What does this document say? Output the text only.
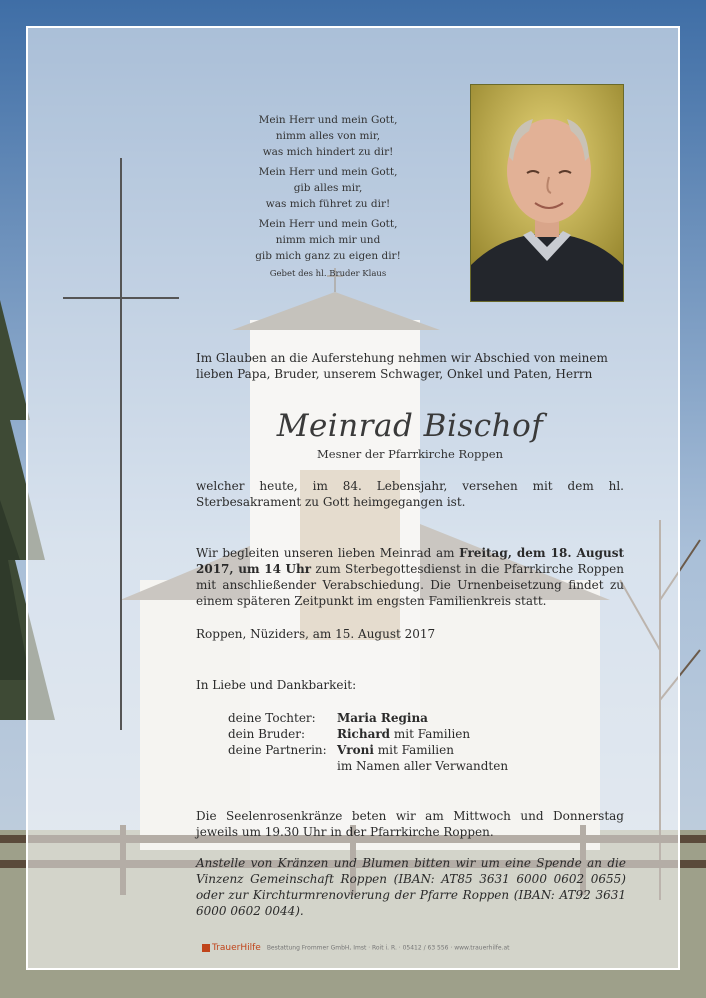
Mein Herr und mein Gott,
nimm alles von mir,
was mich hindert zu dir!
Mein Herr und mein Gott,
gib alles mir,
was mich führet zu dir!
Mein Herr und mein Gott,
nimm mich mir und
gib mich ganz zu eigen dir!
Gebet des hl. Bruder Klaus
Im Glauben an die Auferstehung nehmen wir Abschied von meinem lieben Papa, Bruder, unserem Schwager, Onkel und Paten, Herrn
Meinrad Bischof
Mesner der Pfarrkirche Roppen
welcher heute, im 84. Lebensjahr, versehen mit dem hl. Sterbesakrament zu Gott heimgegangen ist.
Wir begleiten unseren lieben Meinrad am Freitag, dem 18. August 2017, um 14 Uhr zum Sterbegottesdienst in die Pfarrkirche Roppen mit anschließender Verabschiedung. Die Urnenbeisetzung findet zu einem späteren Zeitpunkt im engsten Familienkreis statt.
Roppen, Nüziders, am 15. August 2017
In Liebe und Dankbarkeit:
deine Tochter: Maria Regina
dein Bruder:	Richard mit Familien
deine Partnerin: Vroni mit Familien
im Namen aller Verwandten
Die Seelenrosenkränze beten wir am Mittwoch und Donnerstag jeweils um 19.30 Uhr in der Pfarrkirche Roppen.
Anstelle von Kränzen und Blumen bitten wir um eine Spende an die Vinzenz Gemeinschaft Roppen (IBAN: AT85 3631 6000 0602 0655) oder zur Kirchturmrenovierung der Pfarre Roppen (IBAN: AT92 3631 6000 0602 0044).
TrauerHilfe Bestattung Frommer GmbH, Imst · Roit i. R. · 05412 / 63 556 · www.trauerhilfe.at
